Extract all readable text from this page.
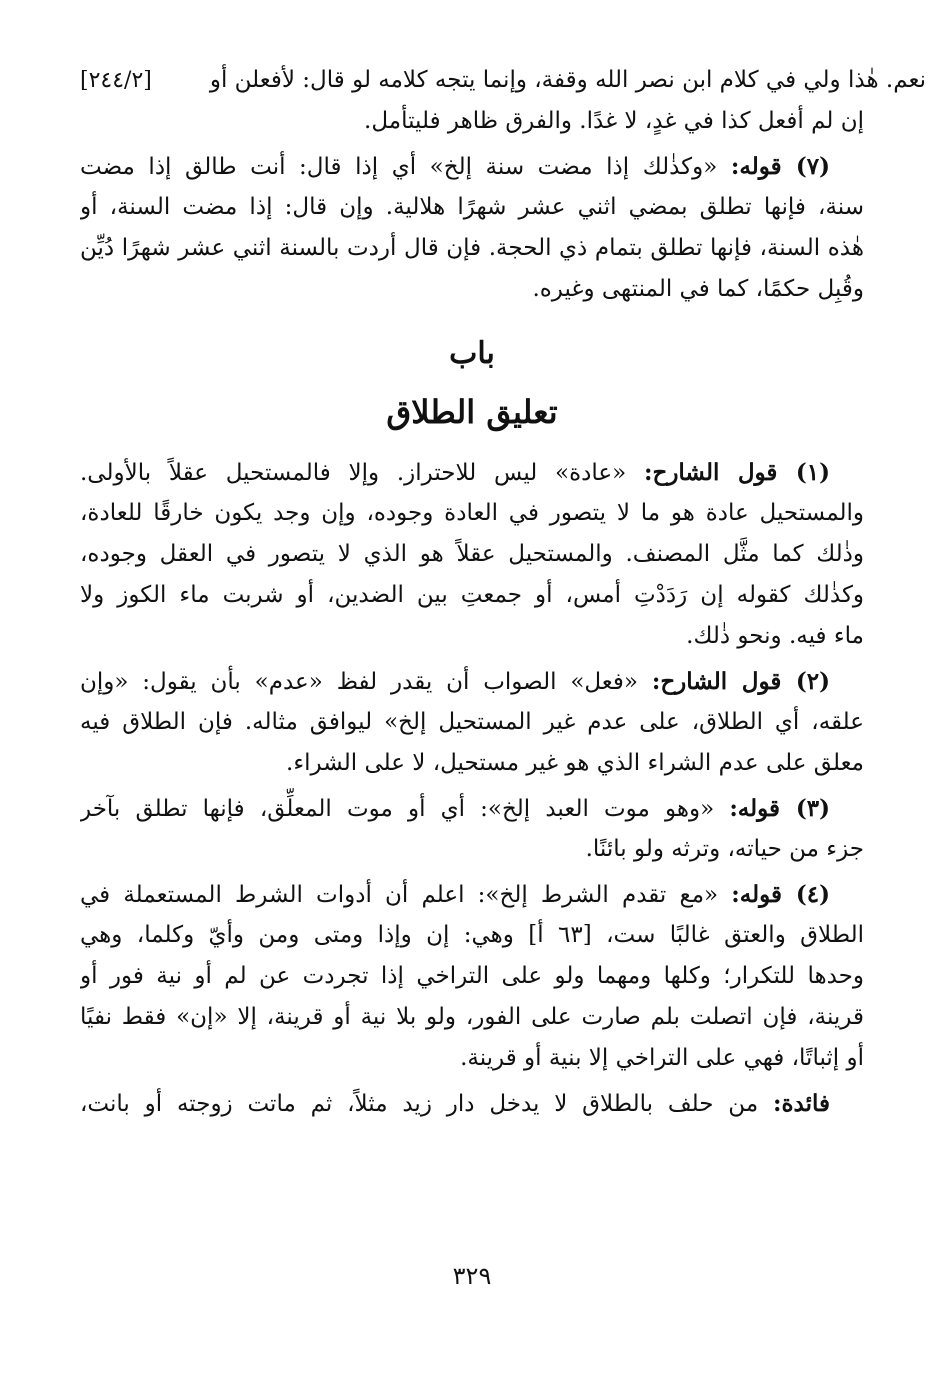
نعم. هٰذا ولي في كلام ابن نصر الله وقفة، وإنما يتجه كلامه لو قال: لأفعلن أو
[٢٤٤/٢]
إن لم أفعل كذا في غدٍ، لا غدًا. والفرق ظاهر فليتأمل.
(٧) قوله: «وكذٰلك إذا مضت سنة إلخ» أي إذا قال: أنت طالق إذا مضت
سنة، فإنها تطلق بمضي اثني عشر شهرًا هلالية. وإن قال: إذا مضت السنة، أو
هٰذه السنة، فإنها تطلق بتمام ذي الحجة. فإن قال أردت بالسنة اثني عشر شهرًا دُيِّن
وقُبِل حكمًا، كما في المنتهى وغيره.
باب
تعليق الطلاق
(١) قول الشارح: «عادة» ليس للاحتراز. وإلا فالمستحيل عقلاً بالأولى.
والمستحيل عادة هو ما لا يتصور في العادة وجوده، وإن وجد يكون خارقًا للعادة،
وذٰلك كما مثَّل المصنف. والمستحيل عقلاً هو الذي لا يتصور في العقل وجوده،
وكذٰلك كقوله إن رَدَدْتِ أمس، أو جمعتِ بين الضدين، أو شربت ماء الكوز ولا
ماء فيه. ونحو ذٰلك.
(٢) قول الشارح: «فعل» الصواب أن يقدر لفظ «عدم» بأن يقول: «وإن
علقه، أي الطلاق، على عدم غير المستحيل إلخ» ليوافق مثاله. فإن الطلاق فيه
معلق على عدم الشراء الذي هو غير مستحيل، لا على الشراء.
(٣) قوله: «وهو موت العبد إلخ»: أي أو موت المعلِّق، فإنها تطلق بآخر
جزء من حياته، وترثه ولو بائنًا.
(٤) قوله: «مع تقدم الشرط إلخ»: اعلم أن أدوات الشرط المستعملة في
الطلاق والعتق غالبًا ست، [٦٣ أ] وهي: إن وإذا ومتى ومن وأيّ وكلما، وهي
وحدها للتكرار؛ وكلها ومهما ولو على التراخي إذا تجردت عن لم أو نية فور أو
قرينة، فإن اتصلت بلم صارت على الفور، ولو بلا نية أو قرينة، إلا «إن» فقط نفيًا
أو إثباتًا، فهي على التراخي إلا بنية أو قرينة.
فائدة: من حلف بالطلاق لا يدخل دار زيد مثلاً، ثم ماتت زوجته أو بانت،
٣٢٩
